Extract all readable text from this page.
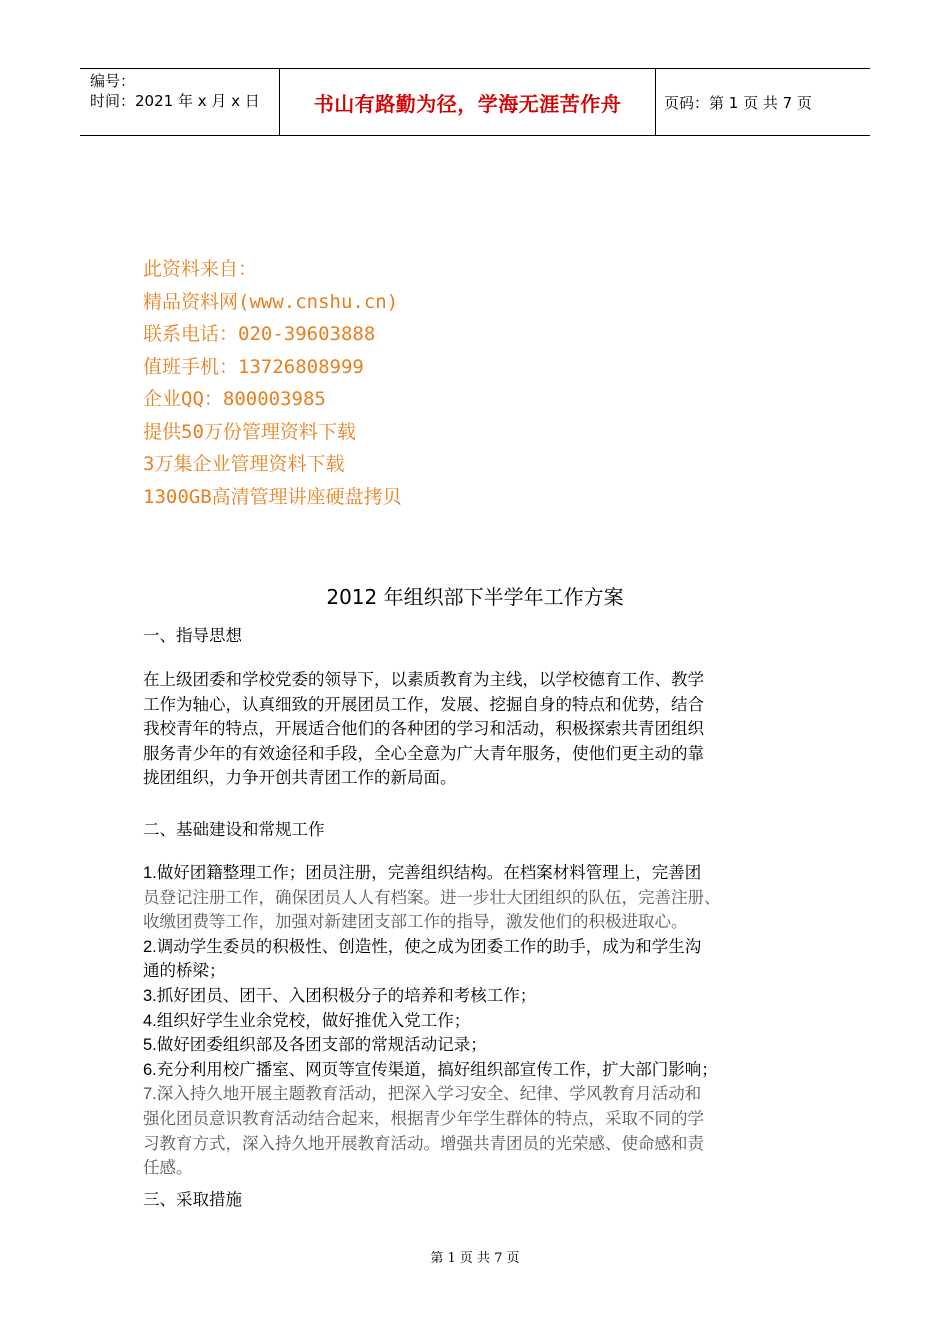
编号：
时间：2021 年 x 月 x 日	书山有路勤为径，学海无涯苦作舟	页码：第 1 页 共 7 页
此资料来自：
精品资料网(www.cnshu.cn)
联系电话：020-39603888
值班手机：13726808999
企业QQ：800003985
提供50万份管理资料下载
3万集企业管理资料下载
1300GB高清管理讲座硬盘拷贝
2012 年组织部下半学年工作方案
一、指导思想
在上级团委和学校党委的领导下，以素质教育为主线，以学校德育工作、教学
工作为轴心，认真细致的开展团员工作，发展、挖掘自身的特点和优势，结合
我校青年的特点，开展适合他们的各种团的学习和活动，积极探索共青团组织
服务青少年的有效途径和手段，全心全意为广大青年服务，使他们更主动的靠
拢团组织，力争开创共青团工作的新局面。
二、基础建设和常规工作
1.做好团籍整理工作；团员注册，完善组织结构。在档案材料管理上，完善团
员登记注册工作，确保团员人人有档案。进一步壮大团组织的队伍，完善注册、
收缴团费等工作，加强对新建团支部工作的指导，激发他们的积极进取心。
2.调动学生委员的积极性、创造性，使之成为团委工作的助手，成为和学生沟
通的桥梁；
3.抓好团员、团干、入团积极分子的培养和考核工作；
4.组织好学生业余党校，做好推优入党工作；
5.做好团委组织部及各团支部的常规活动记录；
6.充分利用校广播室、网页等宣传渠道，搞好组织部宣传工作，扩大部门影响；
7.深入持久地开展主题教育活动，把深入学习安全、纪律、学风教育月活动和
强化团员意识教育活动结合起来，根据青少年学生群体的特点，采取不同的学
习教育方式，深入持久地开展教育活动。增强共青团员的光荣感、使命感和责
任感。
三、采取措施
第 1 页 共 7 页
